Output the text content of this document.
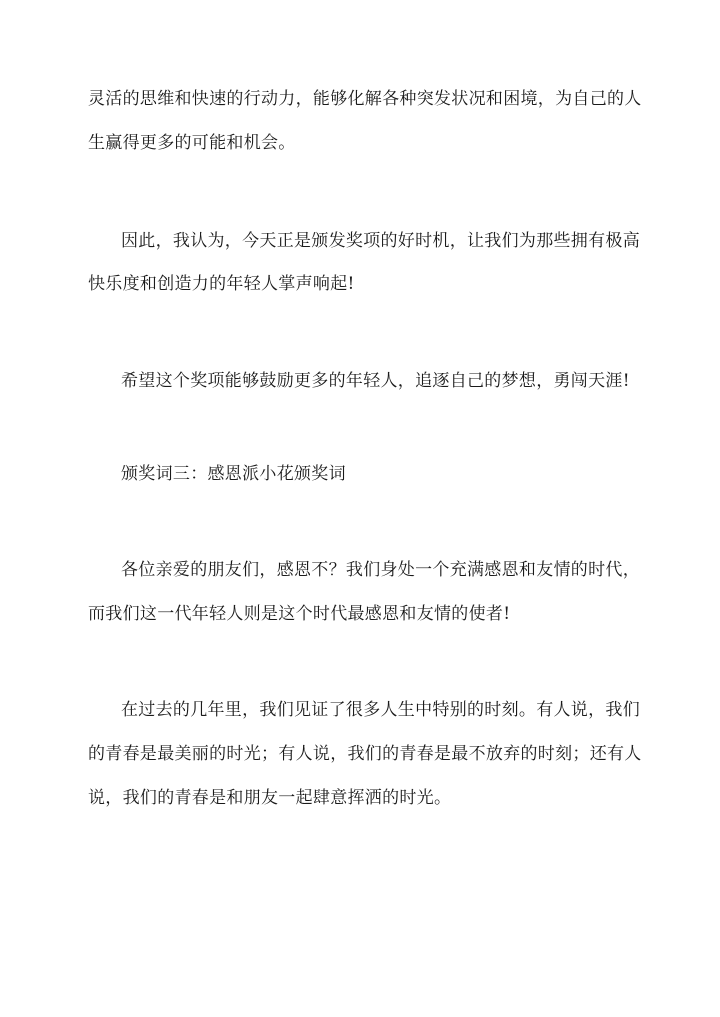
灵活的思维和快速的行动力，能够化解各种突发状况和困境，为自己的人

生赢得更多的可能和机会。

因此，我认为，今天正是颁发奖项的好时机，让我们为那些拥有极高

快乐度和创造力的年轻人掌声响起!

希望这个奖项能够鼓励更多的年轻人，追逐自己的梦想，勇闯天涯!

颁奖词三：感恩派小花颁奖词

各位亲爱的朋友们，感恩不？我们身处一个充满感恩和友情的时代，

而我们这一代年轻人则是这个时代最感恩和友情的使者!

在过去的几年里，我们见证了很多人生中特别的时刻。有人说，我们

的青春是最美丽的时光；有人说，我们的青春是最不放弃的时刻；还有人

说，我们的青春是和朋友一起肆意挥洒的时光。
